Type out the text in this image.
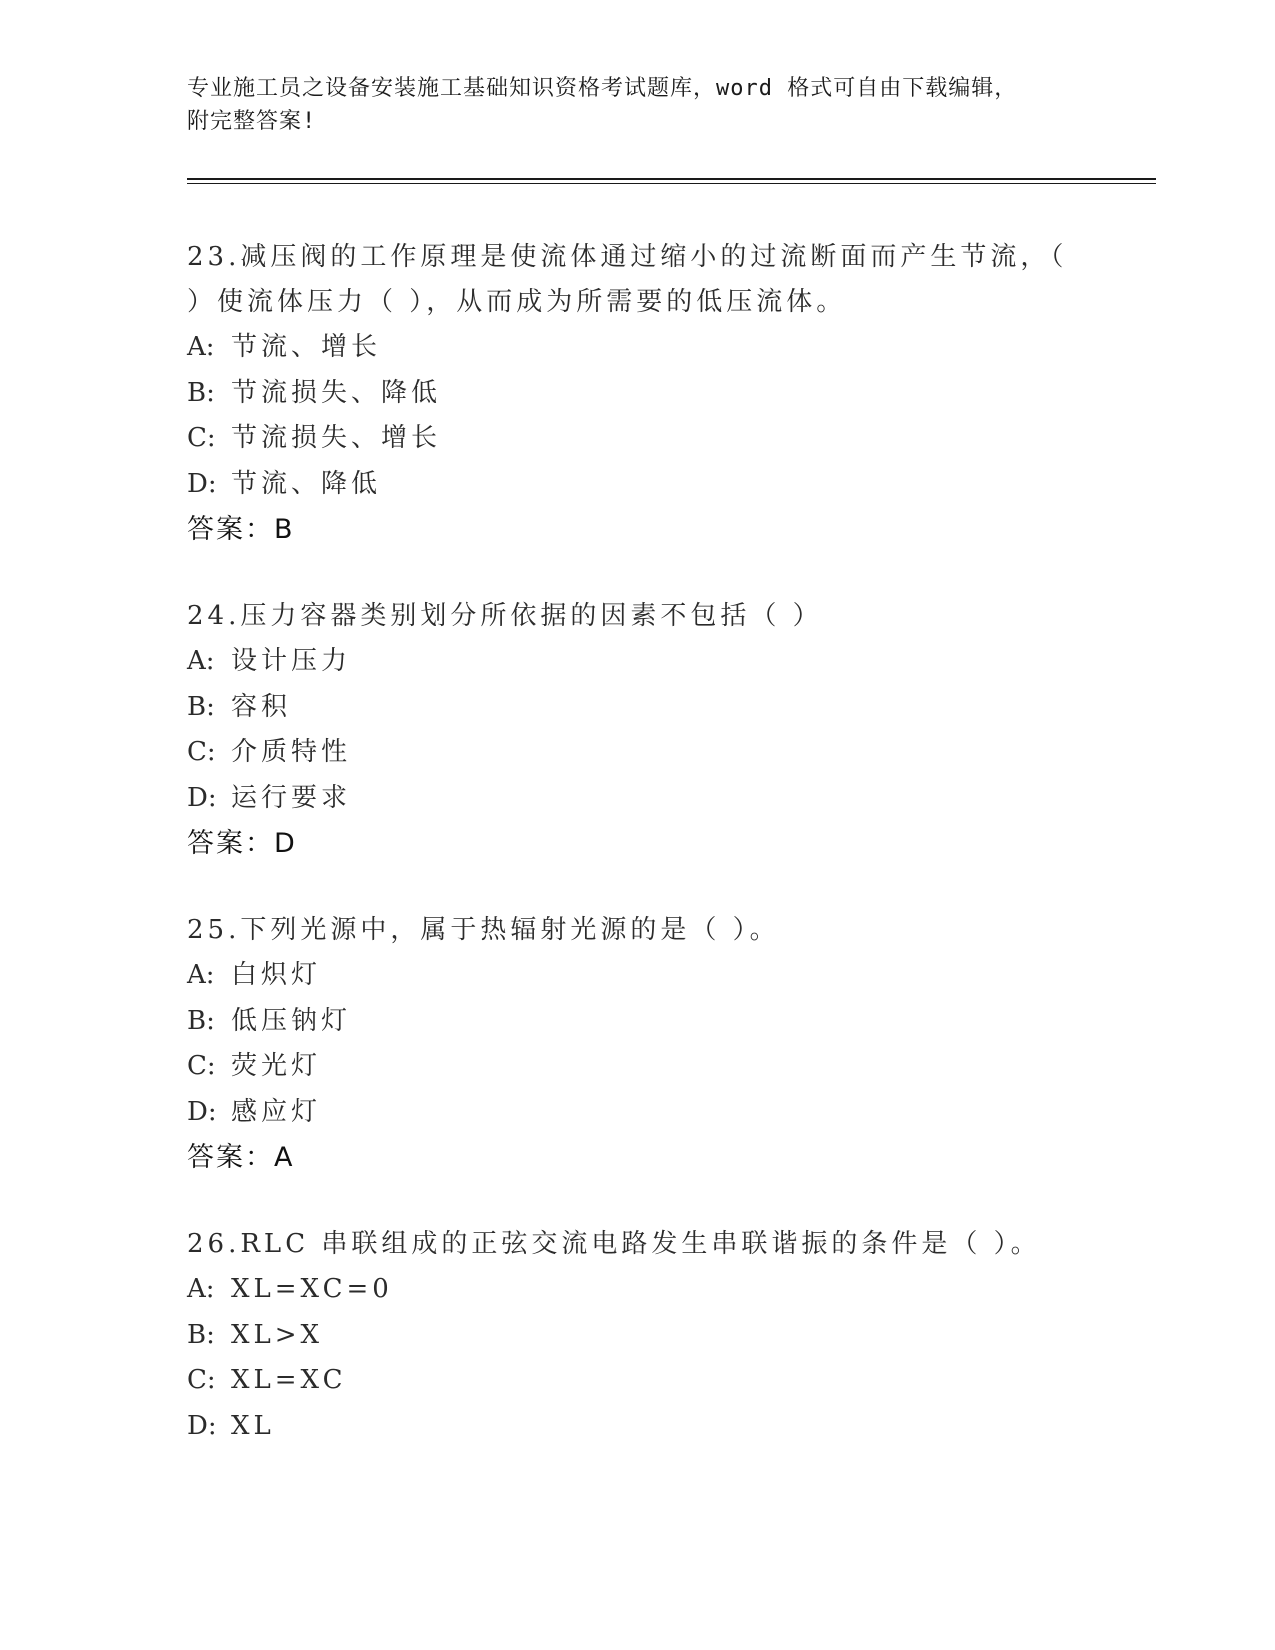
专业施工员之设备安装施工基础知识资格考试题库，word 格式可自由下载编辑，
附完整答案!
23.减压阀的工作原理是使流体通过缩小的过流断面而产生节流，（
）使流体压力（ ），从而成为所需要的低压流体。
A: 节流、增长
B: 节流损失、降低
C: 节流损失、增长
D: 节流、降低
答案：B
24.压力容器类别划分所依据的因素不包括（ ）
A: 设计压力
B: 容积
C: 介质特性
D: 运行要求
答案：D
25.下列光源中，属于热辐射光源的是（ ）。
A: 白炽灯
B: 低压钠灯
C: 荧光灯
D: 感应灯
答案：A
26.RLC 串联组成的正弦交流电路发生串联谐振的条件是（ ）。
A: XL=XC=0
B: XL>X
C: XL=XC
D: XL
